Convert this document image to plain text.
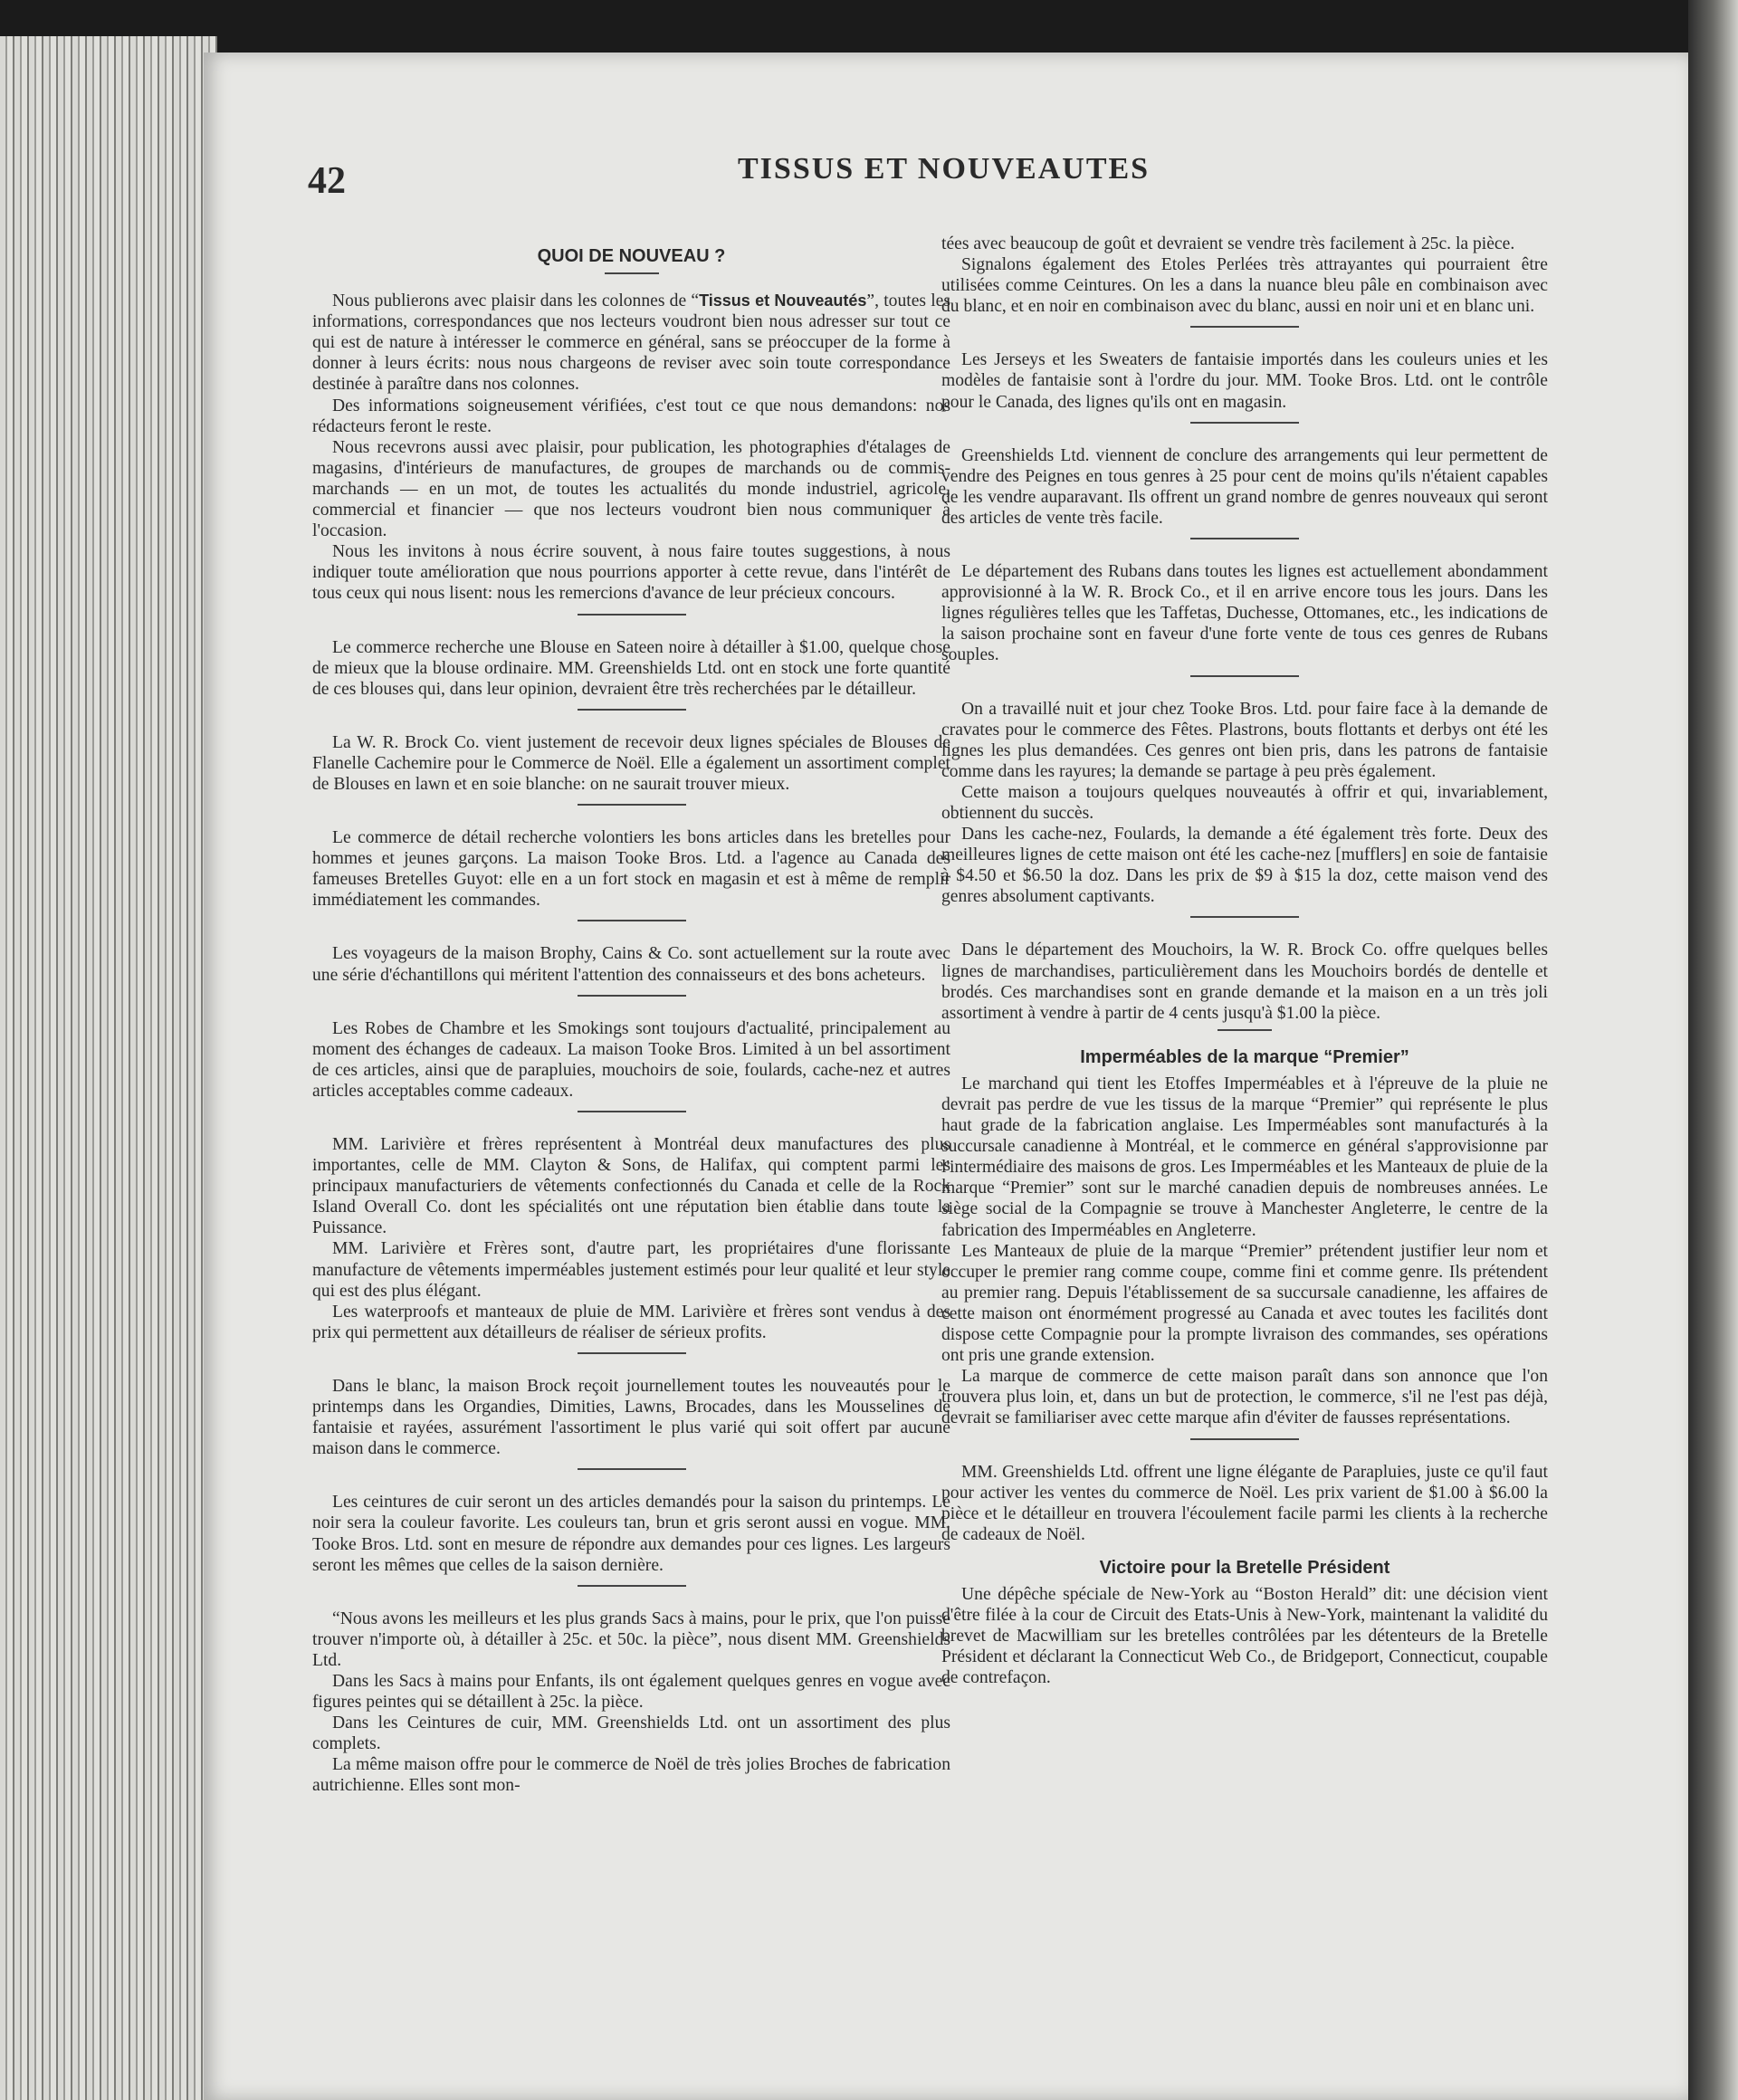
42	TISSUS ET NOUVEAUTES
QUOI DE NOUVEAU ?

Nous publierons avec plaisir dans les colonnes de “Tissus et Nouveautés”, toutes les informations, correspondances que nos lecteurs voudront bien nous adresser sur tout ce qui est de nature à intéresser le commerce en général, sans se préoccuper de la forme à donner à leurs écrits: nous nous chargeons de reviser avec soin toute correspondance destinée à paraître dans nos colonnes.

Des informations soigneusement vérifiées, c'est tout ce que nous demandons: nos rédacteurs feront le reste.

Nous recevrons aussi avec plaisir, pour publication, les photographies d'étalages de magasins, d'intérieurs de manufactures, de groupes de marchands ou de commis-marchands — en un mot, de toutes les actualités du monde industriel, agricole, commercial et financier — que nos lecteurs voudront bien nous communiquer à l'occasion.

Nous les invitons à nous écrire souvent, à nous faire toutes suggestions, à nous indiquer toute amélioration que nous pourrions apporter à cette revue, dans l'intérêt de tous ceux qui nous lisent: nous les remercions d'avance de leur précieux concours.

Le commerce recherche une Blouse en Sateen noire à détailler à $1.00, quelque chose de mieux que la blouse ordinaire. MM. Greenshields Ltd. ont en stock une forte quantité de ces blouses qui, dans leur opinion, devraient être très recherchées par le détailleur.

La W. R. Brock Co. vient justement de recevoir deux lignes spéciales de Blouses de Flanelle Cachemire pour le Commerce de Noël. Elle a également un assortiment complet de Blouses en lawn et en soie blanche: on ne saurait trouver mieux.

Le commerce de détail recherche volontiers les bons articles dans les bretelles pour hommes et jeunes garçons. La maison Tooke Bros. Ltd. a l'agence au Canada des fameuses Bretelles Guyot: elle en a un fort stock en magasin et est à même de remplir immédiatement les commandes.

Les voyageurs de la maison Brophy, Cains & Co. sont actuellement sur la route avec une série d'échantillons qui méritent l'attention des connaisseurs et des bons acheteurs.

Les Robes de Chambre et les Smokings sont toujours d'actualité, principalement au moment des échanges de cadeaux. La maison Tooke Bros. Limited à un bel assortiment de ces articles, ainsi que de parapluies, mouchoirs de soie, foulards, cache-nez et autres articles acceptables comme cadeaux.

MM. Larivière et frères représentent à Montréal deux manufactures des plus importantes, celle de MM. Clayton & Sons, de Halifax, qui comptent parmi les principaux manufacturiers de vêtements confectionnés du Canada et celle de la Rock Island Overall Co. dont les spécialités ont une réputation bien établie dans toute la Puissance.

MM. Larivière et Frères sont, d'autre part, les propriétaires d'une florissante manufacture de vêtements imperméables justement estimés pour leur qualité et leur style qui est des plus élégant.

Les waterproofs et manteaux de pluie de MM. Larivière et frères sont vendus à des prix qui permettent aux détailleurs de réaliser de sérieux profits.

Dans le blanc, la maison Brock reçoit journellement toutes les nouveautés pour le printemps dans les Organdies, Dimities, Lawns, Brocades, dans les Mousselines de fantaisie et rayées, assurément l'assortiment le plus varié qui soit offert par aucune maison dans le commerce.

Les ceintures de cuir seront un des articles demandés pour la saison du printemps. Le noir sera la couleur favorite. Les couleurs tan, brun et gris seront aussi en vogue. MM. Tooke Bros. Ltd. sont en mesure de répondre aux demandes pour ces lignes. Les largeurs seront les mêmes que celles de la saison dernière.

“Nous avons les meilleurs et les plus grands Sacs à mains, pour le prix, que l'on puisse trouver n'importe où, à détailler à 25c. et 50c. la pièce”, nous disent MM. Greenshields Ltd.

Dans les Sacs à mains pour Enfants, ils ont également quelques genres en vogue avec figures peintes qui se détaillent à 25c. la pièce.

Dans les Ceintures de cuir, MM. Greenshields Ltd. ont un assortiment des plus complets.

La même maison offre pour le commerce de Noël de très jolies Broches de fabrication autrichienne. Elles sont mon-

tées avec beaucoup de goût et devraient se vendre très facilement à 25c. la pièce.

Signalons également des Etoles Perlées très attrayantes qui pourraient être utilisées comme Ceintures. On les a dans la nuance bleu pâle en combinaison avec du blanc, et en noir en combinaison avec du blanc, aussi en noir uni et en blanc uni.

Les Jerseys et les Sweaters de fantaisie importés dans les couleurs unies et les modèles de fantaisie sont à l'ordre du jour. MM. Tooke Bros. Ltd. ont le contrôle pour le Canada, des lignes qu'ils ont en magasin.

Greenshields Ltd. viennent de conclure des arrangements qui leur permettent de vendre des Peignes en tous genres à 25 pour cent de moins qu'ils n'étaient capables de les vendre auparavant. Ils offrent un grand nombre de genres nouveaux qui seront des articles de vente très facile.

Le département des Rubans dans toutes les lignes est actuellement abondamment approvisionné à la W. R. Brock Co., et il en arrive encore tous les jours. Dans les lignes régulières telles que les Taffetas, Duchesse, Ottomanes, etc., les indications de la saison prochaine sont en faveur d'une forte vente de tous ces genres de Rubans souples.

On a travaillé nuit et jour chez Tooke Bros. Ltd. pour faire face à la demande de cravates pour le commerce des Fêtes. Plastrons, bouts flottants et derbys ont été les lignes les plus demandées. Ces genres ont bien pris, dans les patrons de fantaisie comme dans les rayures; la demande se partage à peu près également.

Cette maison a toujours quelques nouveautés à offrir et qui, invariablement, obtiennent du succès.

Dans les cache-nez, Foulards, la demande a été également très forte. Deux des meilleures lignes de cette maison ont été les cache-nez [mufflers] en soie de fantaisie à $4.50 et $6.50 la doz. Dans les prix de $9 à $15 la doz, cette maison vend des genres absolument captivants.

Dans le département des Mouchoirs, la W. R. Brock Co. offre quelques belles lignes de marchandises, particulièrement dans les Mouchoirs bordés de dentelle et brodés. Ces marchandises sont en grande demande et la maison en a un très joli assortiment à vendre à partir de 4 cents jusqu'à $1.00 la pièce.

Imperméables de la marque “Premier”

Le marchand qui tient les Etoffes Imperméables et à l'épreuve de la pluie ne devrait pas perdre de vue les tissus de la marque “Premier” qui représente le plus haut grade de la fabrication anglaise. Les Imperméables sont manufacturés à la succursale canadienne à Montréal, et le commerce en général s'approvisionne par l'intermédiaire des maisons de gros. Les Imperméables et les Manteaux de pluie de la marque “Premier” sont sur le marché canadien depuis de nombreuses années. Le siège social de la Compagnie se trouve à Manchester Angleterre, le centre de la fabrication des Imperméables en Angleterre.

Les Manteaux de pluie de la marque “Premier” prétendent justifier leur nom et occuper le premier rang comme coupe, comme fini et comme genre. Ils prétendent au premier rang. Depuis l'établissement de sa succursale canadienne, les affaires de cette maison ont énormément progressé au Canada et avec toutes les facilités dont dispose cette Compagnie pour la prompte livraison des commandes, ses opérations ont pris une grande extension.

La marque de commerce de cette maison paraît dans son annonce que l'on trouvera plus loin, et, dans un but de protection, le commerce, s'il ne l'est pas déjà, devrait se familiariser avec cette marque afin d'éviter de fausses représentations.

MM. Greenshields Ltd. offrent une ligne élégante de Parapluies, juste ce qu'il faut pour activer les ventes du commerce de Noël. Les prix varient de $1.00 à $6.00 la pièce et le détailleur en trouvera l'écoulement facile parmi les clients à la recherche de cadeaux de Noël.

Victoire pour la Bretelle Président

Une dépêche spéciale de New-York au “Boston Herald” dit: une décision vient d'être filée à la cour de Circuit des Etats-Unis à New-York, maintenant la validité du brevet de Macwilliam sur les bretelles contrôlées par les détenteurs de la Bretelle Président et déclarant la Connecticut Web Co., de Bridgeport, Connecticut, coupable de contrefaçon.
